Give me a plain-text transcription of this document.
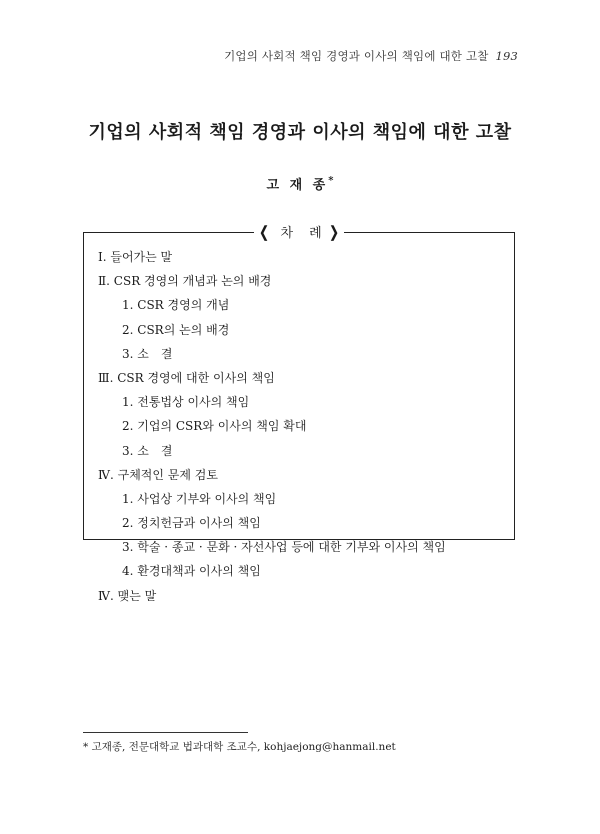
기업의 사회적 책임 경영과 이사의 책임에 대한 고찰 193
기업의 사회적 책임 경영과 이사의 책임에 대한 고찰
고 재 종*
❬ 차 례❭
Ⅰ. 들어가는 말
Ⅱ. CSR 경영의 개념과 논의 배경
1. CSR 경영의 개념
2. CSR의 논의 배경
3. 소　결
Ⅲ. CSR 경영에 대한 이사의 책임
1. 전통법상 이사의 책임
2. 기업의 CSR와 이사의 책임 확대
3. 소　결
Ⅳ. 구체적인 문제 검토
1. 사업상 기부와 이사의 책임
2. 정치헌금과 이사의 책임
3. 학술 · 종교 · 문화 · 자선사업 등에 대한 기부와 이사의 책임
4. 환경대책과 이사의 책임
Ⅳ. 맺는 말
* 고재종, 전문대학교 법과대학 조교수, kohjaejong@hanmail.net
